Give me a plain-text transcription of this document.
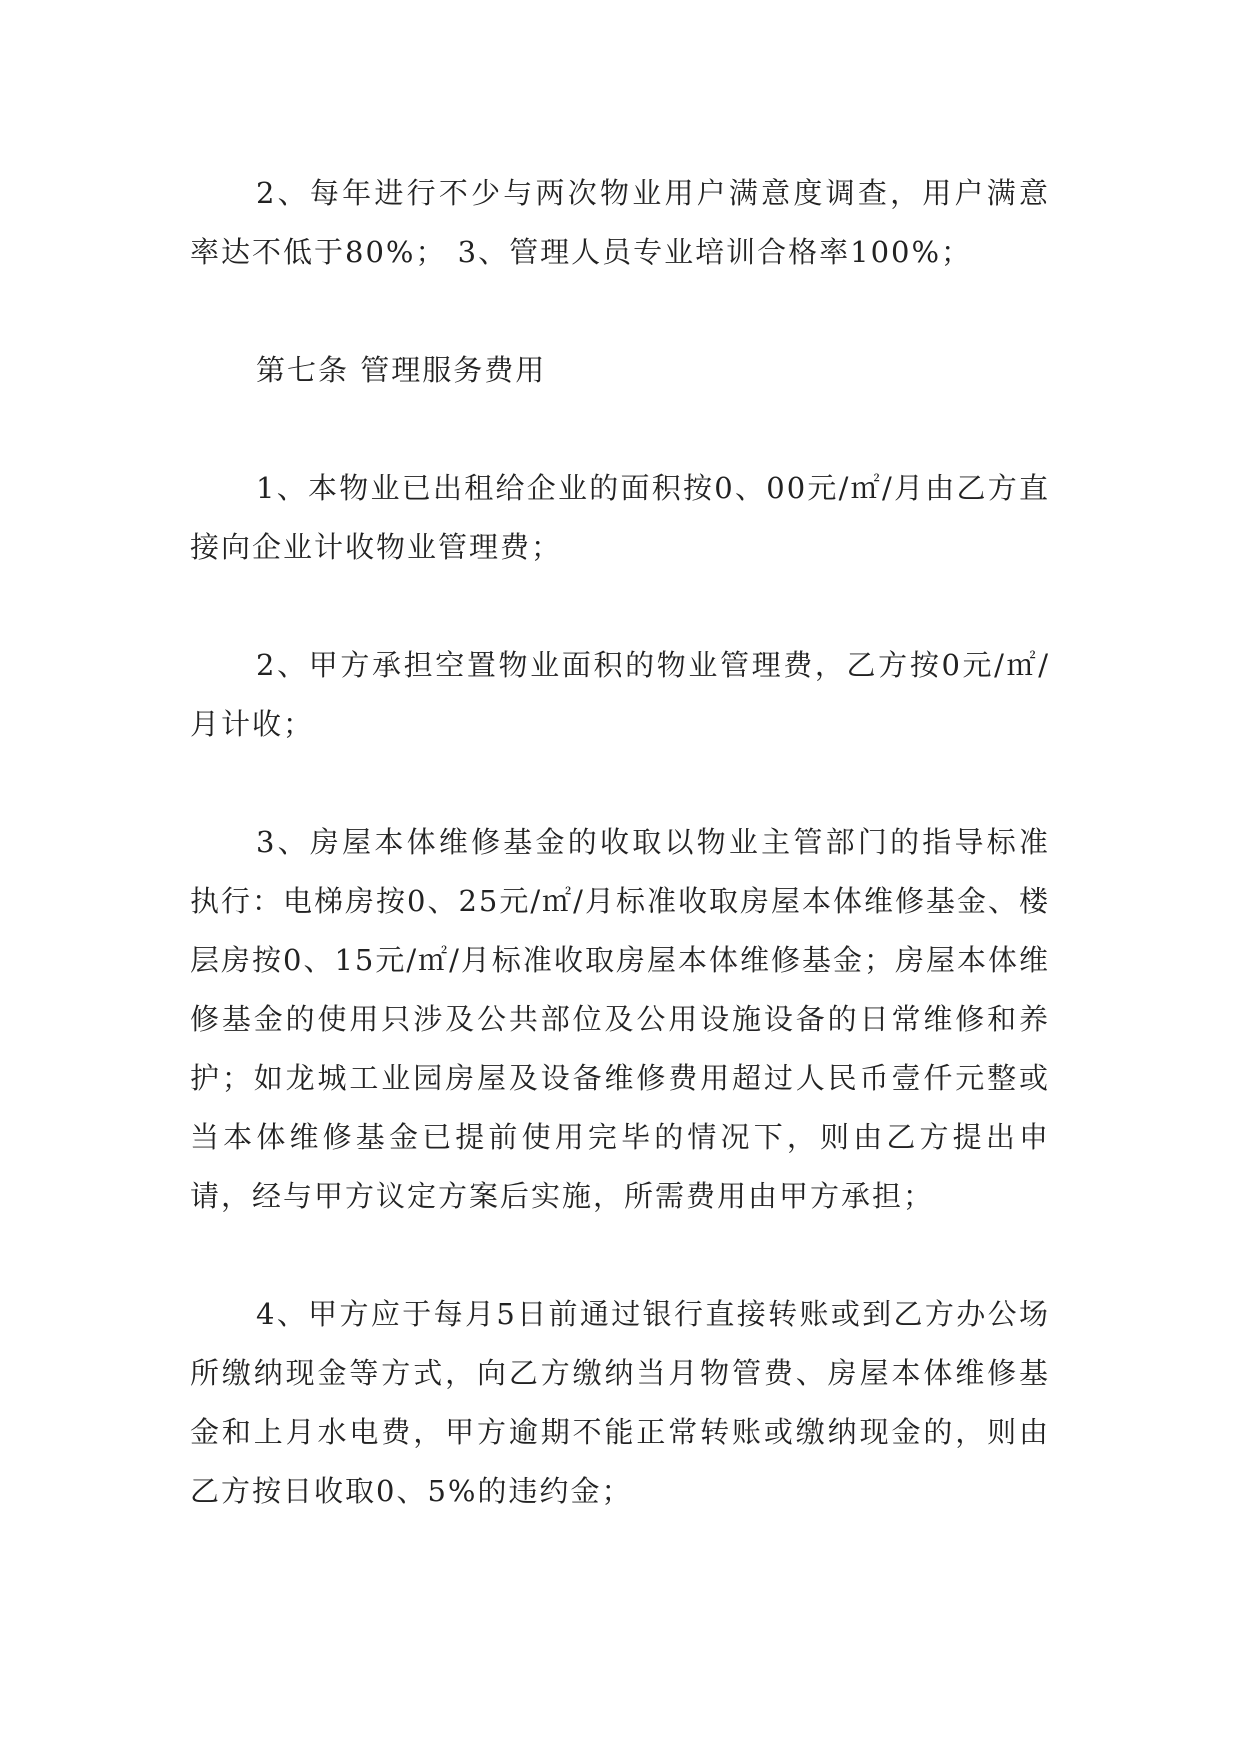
2、每年进行不少与两次物业用户满意度调查，用户满意率达不低于80%； 3、管理人员专业培训合格率100%；

第七条 管理服务费用

1、本物业已出租给企业的面积按0、00元/㎡/月由乙方直接向企业计收物业管理费；

2、甲方承担空置物业面积的物业管理费，乙方按0元/㎡/月计收；

3、房屋本体维修基金的收取以物业主管部门的指导标准执行：电梯房按0、25元/㎡/月标准收取房屋本体维修基金、楼层房按0、15元/㎡/月标准收取房屋本体维修基金；房屋本体维修基金的使用只涉及公共部位及公用设施设备的日常维修和养护；如龙城工业园房屋及设备维修费用超过人民币壹仟元整或当本体维修基金已提前使用完毕的情况下，则由乙方提出申请，经与甲方议定方案后实施，所需费用由甲方承担；

4、甲方应于每月5日前通过银行直接转账或到乙方办公场所缴纳现金等方式，向乙方缴纳当月物管费、房屋本体维修基金和上月水电费，甲方逾期不能正常转账或缴纳现金的，则由乙方按日收取0、5%的违约金；
